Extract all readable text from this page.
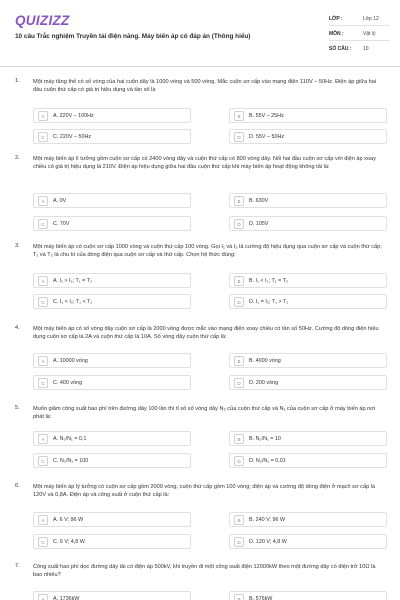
QUIZIZZ
10 câu Trắc nghiệm Truyền tải điện năng. Máy biến áp có đáp án (Thông hiểu)
LỚP :	Lớp 12
MÔN :	Vật lý
SỐ CÂU : 10
1. Một máy tăng thế có số vòng của hai cuộn dây là 1000 vòng và 500 vòng. Mắc cuộn sơ cấp vào mạng điện 110V – 50Hz. Điện áp giữa hai đầu cuộn thứ cấp có giá trị hiệu dụng và tần số là
A	A. 220V – 100Hz	B	B. 55V – 25Hz
C	C. 220V – 50Hz	D	D. 55V – 50Hz
2. Một máy biến áp lí tưởng gồm cuộn sơ cấp có 2400 vòng dây và cuộn thứ cấp có 800 vòng dây. Nối hai đầu cuộn sơ cấp với điện áp xoay chiều có giá trị hiệu dụng là 210V. Điện áp hiệu dụng giữa hai đầu cuộn thứ cấp khi máy biến áp hoạt động không tải là:
A	A. 0V	B	B. 630V
C	C. 70V	D	D. 105V
3. Một máy biến áp có cuộn sơ cấp 1000 vòng và cuộn thứ cấp 100 vòng. Gọi I₁ và I₂ là cường độ hiệu dụng qua cuộn sơ cấp và cuộn thứ cấp; T₁ và T₂ là chu kì của dòng điện qua cuộn sơ cấp và thứ cấp. Chọn hệ thức đúng:
A	A. I₁ > I₂; T₁ = T₂	B	B. I₁ < I₂; T₁ = T₂
C	C. I₁ < I₂; T₁ < T₂	D	D. I₁ = I₂; T₁ > T₂
4. Một máy biến áp có số vòng dây cuộn sơ cấp là 2000 vòng được mắc vào mạng điện xoay chiều có tần số 50Hz. Cường độ dòng điện hiệu dụng cuộn sơ cấp là 2A và cuộn thứ cấp là 10A. Số vòng dây cuộn thứ cấp là:
A	A. 10000 vòng	B	B. 4000 vòng
C	C. 400 vòng	D	D. 200 vòng
5. Muốn giảm công suất hao phí trên đường dây 100 lần thì tỉ số số vòng dây N₂ của cuộn thứ cấp và N₁ của cuộn sơ cấp ở máy biến áp nơi phát là:
A	A. N₂/N₁ = 0,1	B	B. N₂/N₁ = 10
C	C. N₂/N₁ = 100	D	D. N₂/N₁ = 0,01
6. Một máy biến áp lý tưởng có cuộn sơ cấp gồm 2000 vòng, cuộn thứ cấp gồm 100 vòng; điện áp và cường độ dòng điện ở mạch sơ cấp là 120V và 0,8A. Điện áp và công suất ở cuộn thứ cấp là:
A	A. 6 V; 96 W	B	B. 240 V; 96 W
C	C. 6 V; 4,8 W	D	D. 120 V; 4,8 W
7. Công suất hao phí dọc đường dây tải có điện áp 500kV, khi truyền đi một công suất điện 12000kW theo một đường dây có điện trở 10Ω là bao nhiêu?
A	A. 1736kW	B	B. 576kW
